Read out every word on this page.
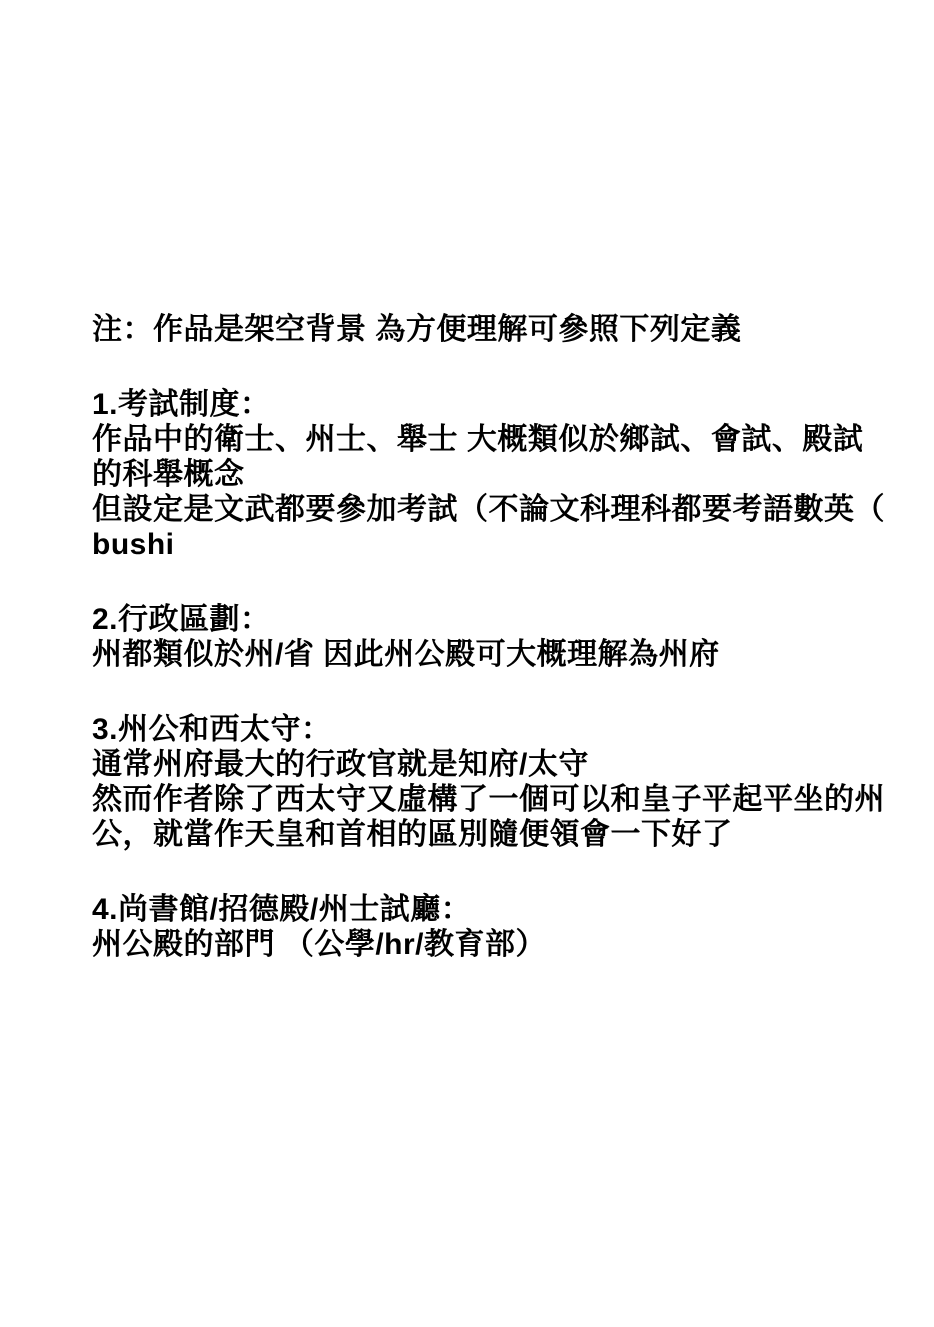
注：作品是架空背景 為方便理解可參照下列定義
1.考試制度：
作品中的衛士、州士、舉士 大概類似於鄉試、會試、殿試
的科舉概念
但設定是文武都要參加考試（不論文科理科都要考語數英（
bushi
2.行政區劃：
州都類似於州/省 因此州公殿可大概理解為州府
3.州公和西太守：
通常州府最大的行政官就是知府/太守
然而作者除了西太守又虛構了一個可以和皇子平起平坐的州
公，就當作天皇和首相的區別隨便領會一下好了
4.尚書館/招德殿/州士試廳：
州公殿的部門 （公學/hr/教育部）
